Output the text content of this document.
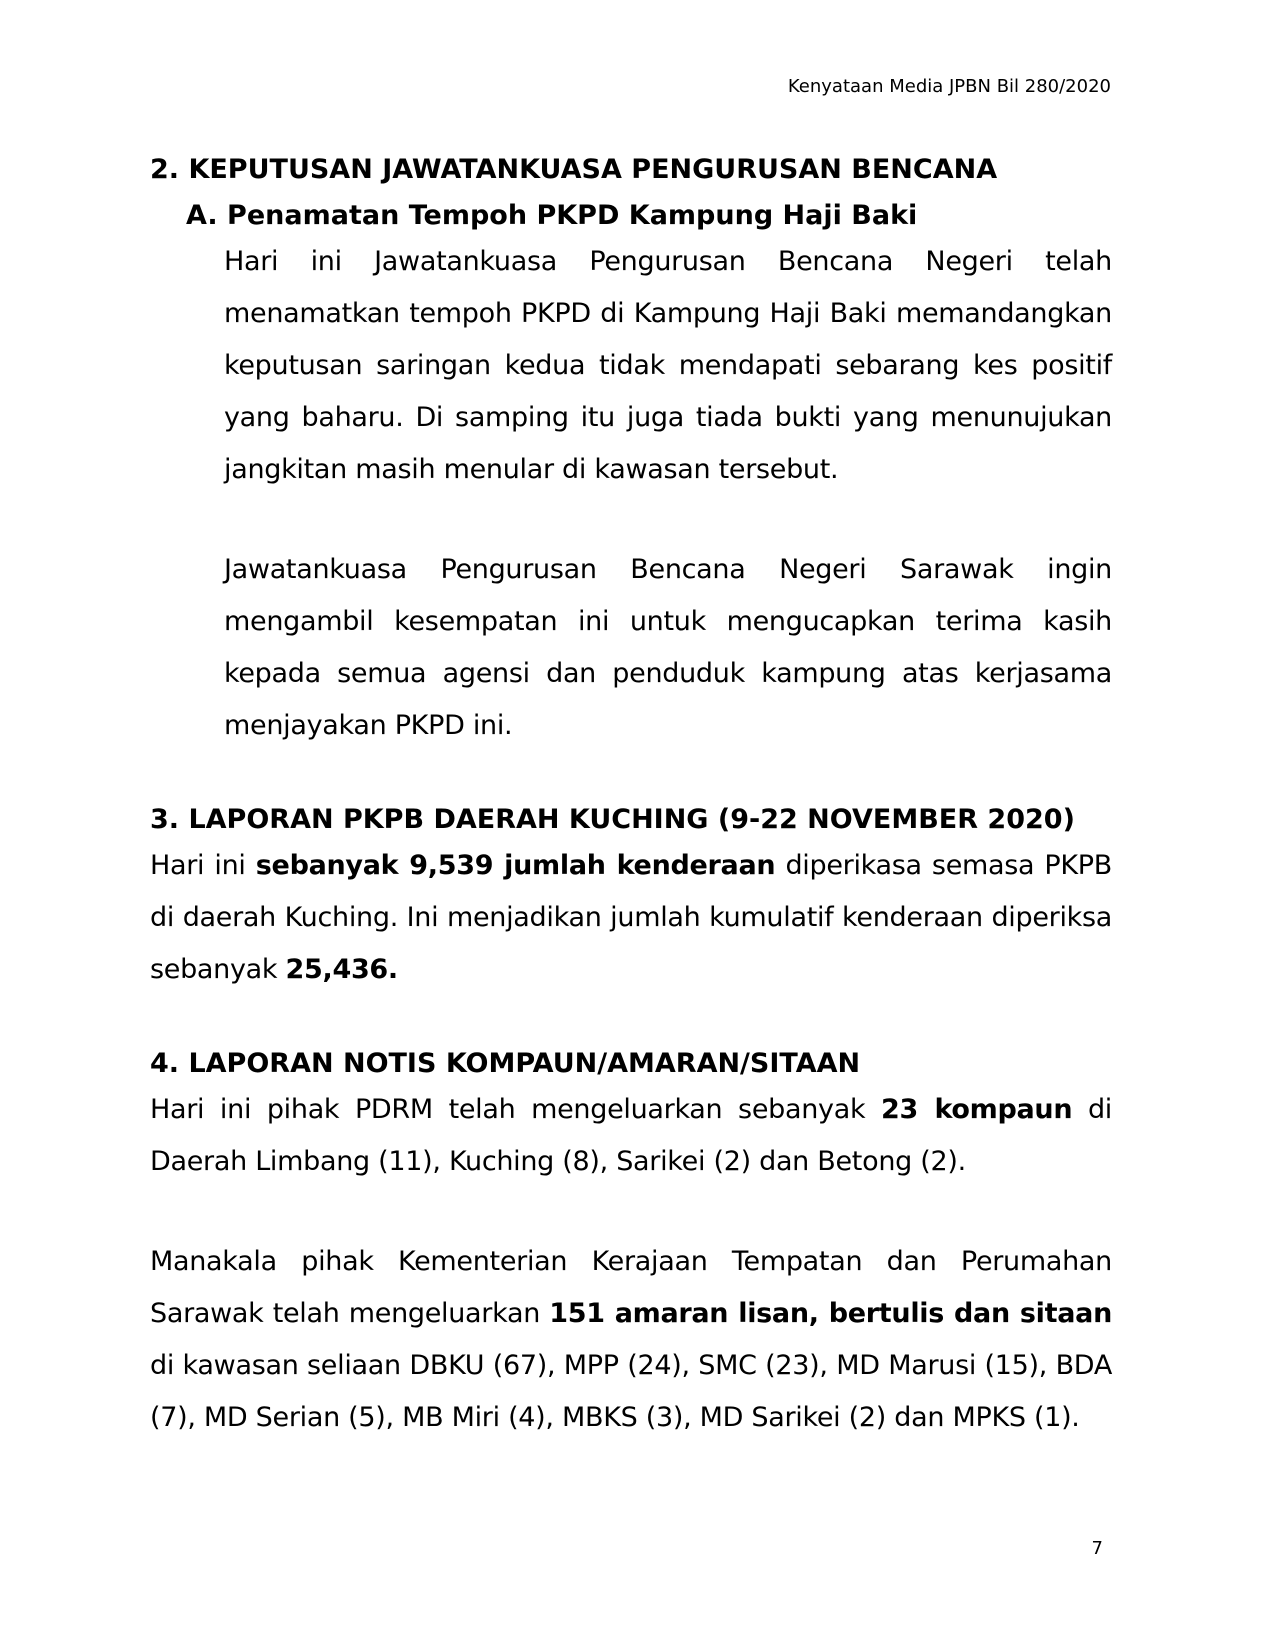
Kenyataan Media JPBN Bil 280/2020
2. KEPUTUSAN JAWATANKUASA PENGURUSAN BENCANA
A. Penamatan Tempoh PKPD Kampung Haji Baki

Hari ini Jawatankuasa Pengurusan Bencana Negeri telah menamatkan tempoh PKPD di Kampung Haji Baki memandangkan keputusan saringan kedua tidak mendapati sebarang kes positif yang baharu. Di samping itu juga tiada bukti yang menunujukan jangkitan masih menular di kawasan tersebut.

Jawatankuasa Pengurusan Bencana Negeri Sarawak ingin mengambil kesempatan ini untuk mengucapkan terima kasih kepada semua agensi dan penduduk kampung atas kerjasama menjayakan PKPD ini.

3. LAPORAN PKPB DAERAH KUCHING (9-22 NOVEMBER 2020)

Hari ini sebanyak 9,539 jumlah kenderaan diperikasa semasa PKPB di daerah Kuching. Ini menjadikan jumlah kumulatif kenderaan diperiksa sebanyak 25,436.

4. LAPORAN NOTIS KOMPAUN/AMARAN/SITAAN

Hari ini pihak PDRM telah mengeluarkan sebanyak 23 kompaun di Daerah Limbang (11), Kuching (8), Sarikei (2) dan Betong (2).

Manakala pihak Kementerian Kerajaan Tempatan dan Perumahan Sarawak telah mengeluarkan 151 amaran lisan, bertulis dan sitaan di kawasan seliaan DBKU (67), MPP (24), SMC (23), MD Marusi (15), BDA (7), MD Serian (5), MB Miri (4), MBKS (3), MD Sarikei (2) dan MPKS (1).

7
